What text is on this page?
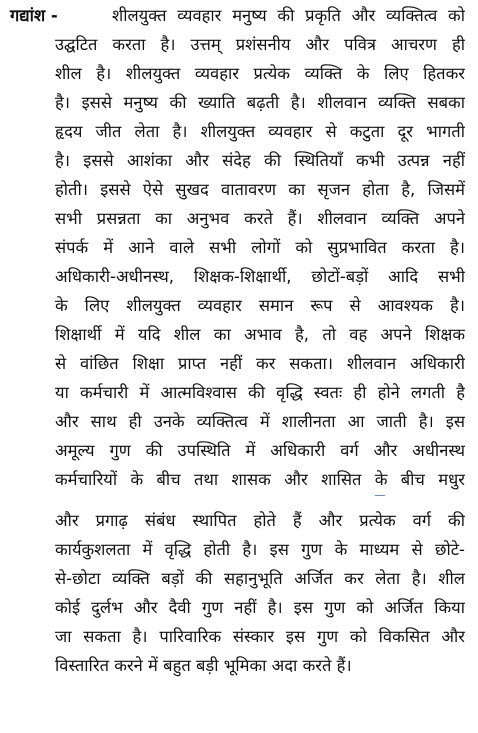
गद्यांश -	शीलयुक्त व्यवहार मनुष्य की प्रकृति और व्यक्तित्व को
उद्घटित करता है। उत्तम् प्रशंसनीय और पवित्र आचरण ही
शील है। शीलयुक्त व्यवहार प्रत्येक व्यक्ति के लिए हितकर
है। इससे मनुष्य की ख्याति बढ़ती है। शीलवान व्यक्ति सबका
हृदय जीत लेता है। शीलयुक्त व्यवहार से कटुता दूर भागती
है। इससे आशंका और संदेह की स्थितियाँ कभी उत्पन्न नहीं
होती। इससे ऐसे सुखद वातावरण का सृजन होता है, जिसमें
सभी प्रसन्नता का अनुभव करते हैं। शीलवान व्यक्ति अपने
संपर्क में आने वाले सभी लोगों को सुप्रभावित करता है।
अधिकारी-अधीनस्थ, शिक्षक-शिक्षार्थी, छोटों-बड़ों आदि सभी
के लिए शीलयुक्त व्यवहार समान रूप से आवश्यक है।
शिक्षार्थी में यदि शील का अभाव है, तो वह अपने शिक्षक
से वांछित शिक्षा प्राप्त नहीं कर सकता। शीलवान अधिकारी
या कर्मचारी में आत्मविश्वास की वृद्धि स्वतः ही होने लगती है
और साथ ही उनके व्यक्तित्व में शालीनता आ जाती है। इस
अमूल्य गुण की उपस्थिति में अधिकारी वर्ग और अधीनस्थ
कर्मचारियों के बीच तथा शासक और शासित के बीच मधुर
और प्रगाढ़ संबंध स्थापित होते हैं और प्रत्येक वर्ग की
कार्यकुशलता में वृद्धि होती है। इस गुण के माध्यम से छोटे-
से-छोटा व्यक्ति बड़ों की सहानुभूति अर्जित कर लेता है। शील
कोई दुर्लभ और दैवी गुण नहीं है। इस गुण को अर्जित किया
जा सकता है। पारिवारिक संस्कार इस गुण को विकसित और
विस्तारित करने में बहुत बड़ी भूमिका अदा करते हैं।
